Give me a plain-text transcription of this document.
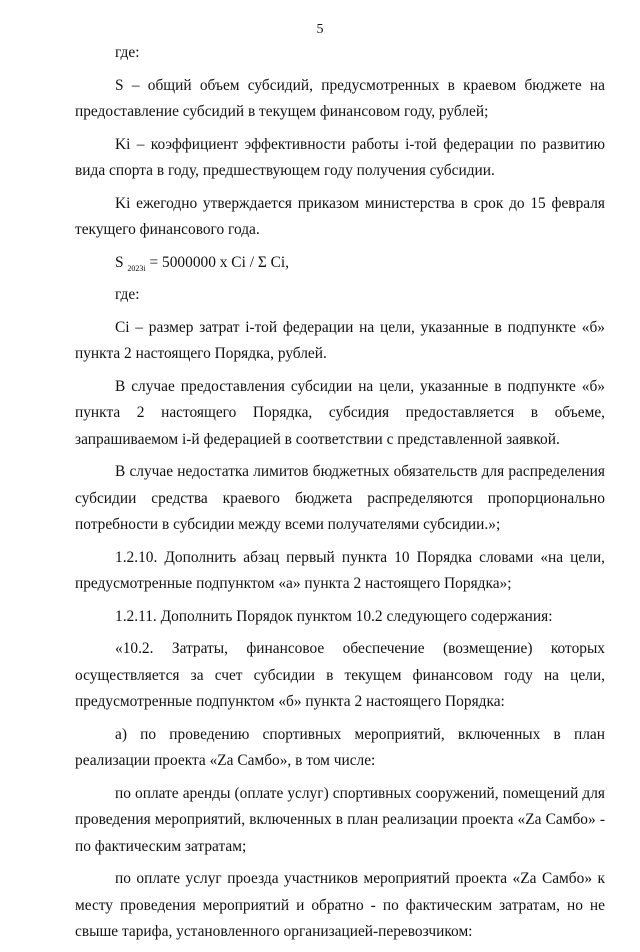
5

где:

S – общий объем субсидий, предусмотренных в краевом бюджете на предоставление субсидий в текущем финансовом году, рублей;

Ki – коэффициент эффективности работы i-той федерации по развитию вида спорта в году, предшествующем году получения субсидии.

Ki ежегодно утверждается приказом министерства в срок до 15 февраля текущего финансового года.

S $_{2023i}$ = 5000000 х Ci / Σ Ci,

где:

Ci – размер затрат i-той федерации на цели, указанные в подпункте «б» пункта 2 настоящего Порядка, рублей.

В случае предоставления субсидии на цели, указанные в подпункте «б» пункта 2 настоящего Порядка, субсидия предоставляется в объеме, запрашиваемом i-й федерацией в соответствии с представленной заявкой.

В случае недостатка лимитов бюджетных обязательств для распределения субсидии средства краевого бюджета распределяются пропорционально потребности в субсидии между всеми получателями субсидии.»;

1.2.10. Дополнить абзац первый пункта 10 Порядка словами «на цели, предусмотренные подпунктом «а» пункта 2 настоящего Порядка»;

1.2.11. Дополнить Порядок пунктом 10.2 следующего содержания:

«10.2. Затраты, финансовое обеспечение (возмещение) которых осуществляется за счет субсидии в текущем финансовом году на цели, предусмотренные подпунктом «б» пункта 2 настоящего Порядка:

а) по проведению спортивных мероприятий, включенных в план реализации проекта «Za Самбо», в том числе:

по оплате аренды (оплате услуг) спортивных сооружений, помещений для проведения мероприятий, включенных в план реализации проекта «Za Самбо» - по фактическим затратам;

по оплате услуг проезда участников мероприятий проекта «Za Самбо» к месту проведения мероприятий и обратно - по фактическим затратам, но не свыше тарифа, установленного организацией-перевозчиком:
